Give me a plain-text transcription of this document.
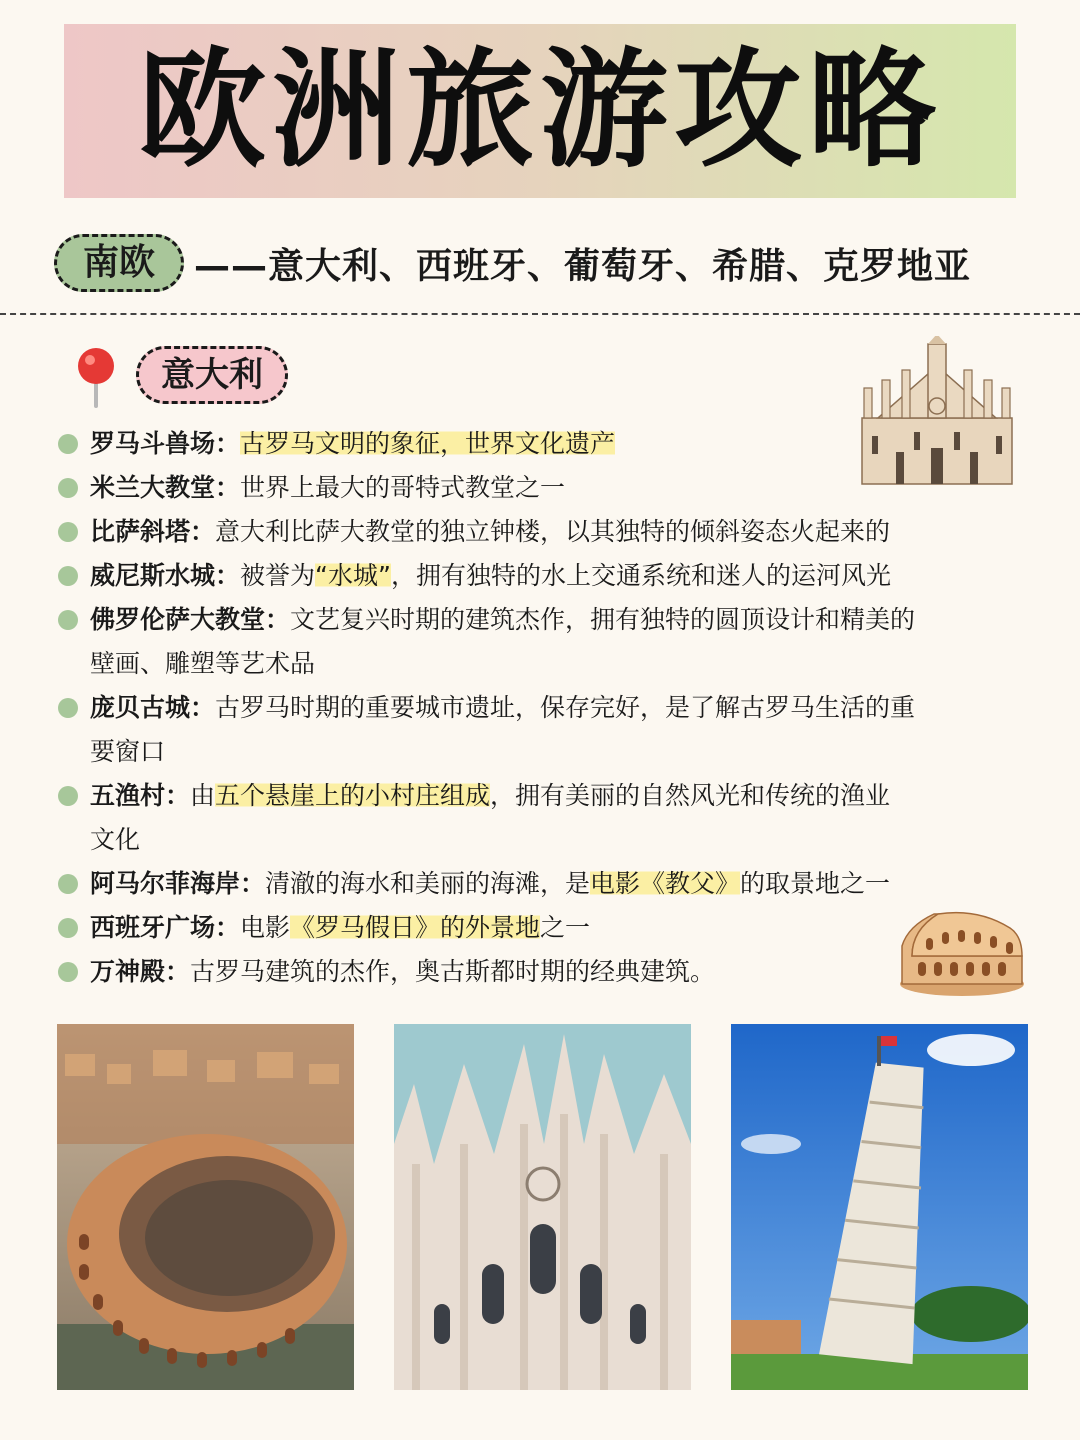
欧洲旅游攻略
南欧	——意大利、西班牙、葡萄牙、希腊、克罗地亚
意大利
罗马斗兽场：古罗马文明的象征，世界文化遗产
米兰大教堂：世界上最大的哥特式教堂之一
比萨斜塔：意大利比萨大教堂的独立钟楼，以其独特的倾斜姿态火起来的
威尼斯水城：被誉为“水城”，拥有独特的水上交通系统和迷人的运河风光
佛罗伦萨大教堂：文艺复兴时期的建筑杰作，拥有独特的圆顶设计和精美的
壁画、雕塑等艺术品
庞贝古城：古罗马时期的重要城市遗址，保存完好，是了解古罗马生活的重
要窗口
五渔村：由五个悬崖上的小村庄组成，拥有美丽的自然风光和传统的渔业
文化
阿马尔菲海岸：清澈的海水和美丽的海滩，是电影《教父》的取景地之一
西班牙广场：电影《罗马假日》的外景地之一
万神殿：古罗马建筑的杰作，奥古斯都时期的经典建筑。
